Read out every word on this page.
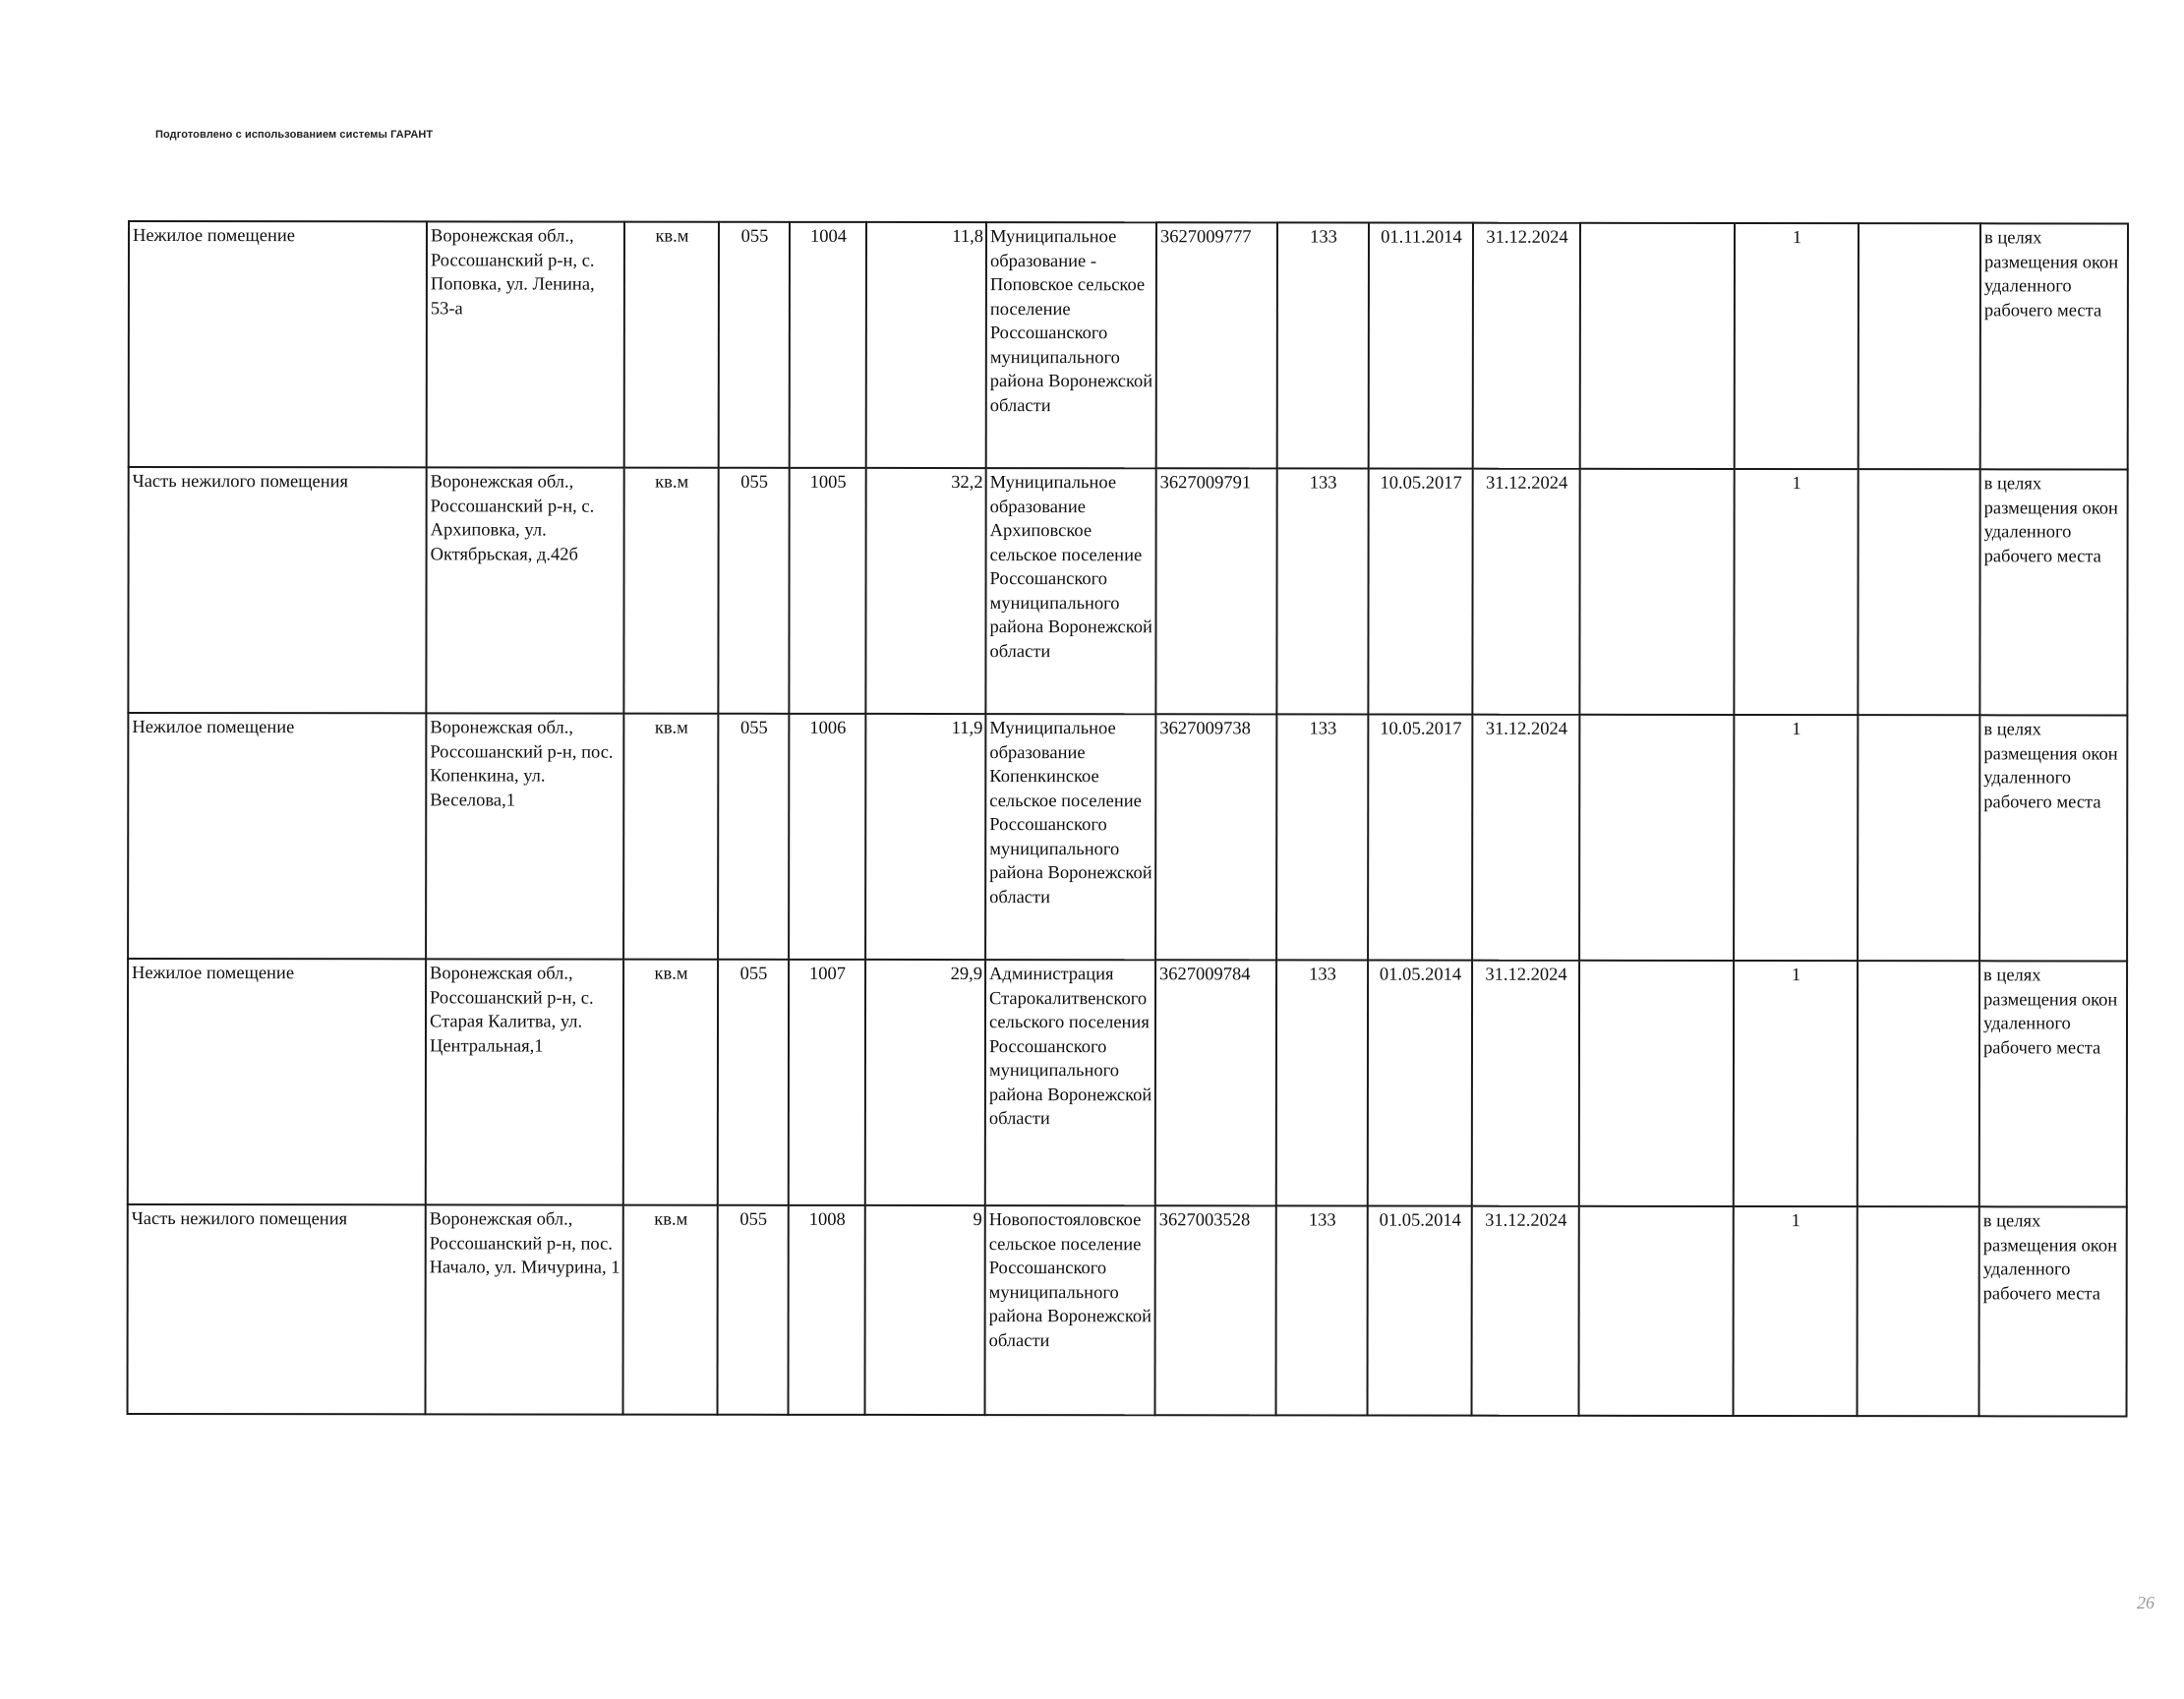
Подготовлено с использованием системы ГАРАНТ
Нежилое помещение	Воронежская обл., Россошанский р-н, с. Поповка, ул. Ленина, 53-а	кв.м	055	1004	11,8	Муниципальное образование - Поповское сельское поселение Россошанского муниципального района Воронежской области	3627009777	133	01.11.2014	31.12.2024		1		в целях размещения окон удаленного рабочего места
Часть нежилого помещения	Воронежская обл., Россошанский р-н, с. Архиповка, ул. Октябрьская, д.42б	кв.м	055	1005	32,2	Муниципальное образование Архиповское сельское поселение Россошанского муниципального района Воронежской области	3627009791	133	10.05.2017	31.12.2024		1		в целях размещения окон удаленного рабочего места
Нежилое помещение	Воронежская обл., Россошанский р-н, пос. Копенкина, ул. Веселова,1	кв.м	055	1006	11,9	Муниципальное образование Копенкинское сельское поселение Россошанского муниципального района Воронежской области	3627009738	133	10.05.2017	31.12.2024		1		в целях размещения окон удаленного рабочего места
Нежилое помещение	Воронежская обл., Россошанский р-н, с. Старая Калитва, ул. Центральная,1	кв.м	055	1007	29,9	Администрация Старокалитвенского сельского поселения Россошанского муниципального района Воронежской области	3627009784	133	01.05.2014	31.12.2024		1		в целях размещения окон удаленного рабочего места
Часть нежилого помещения	Воронежская обл., Россошанский р-н, пос. Начало, ул. Мичурина, 1	кв.м	055	1008	9	Новопостояловское сельское поселение Россошанского муниципального района Воронежской области	3627003528	133	01.05.2014	31.12.2024		1		в целях размещения окон удаленного рабочего места
26
